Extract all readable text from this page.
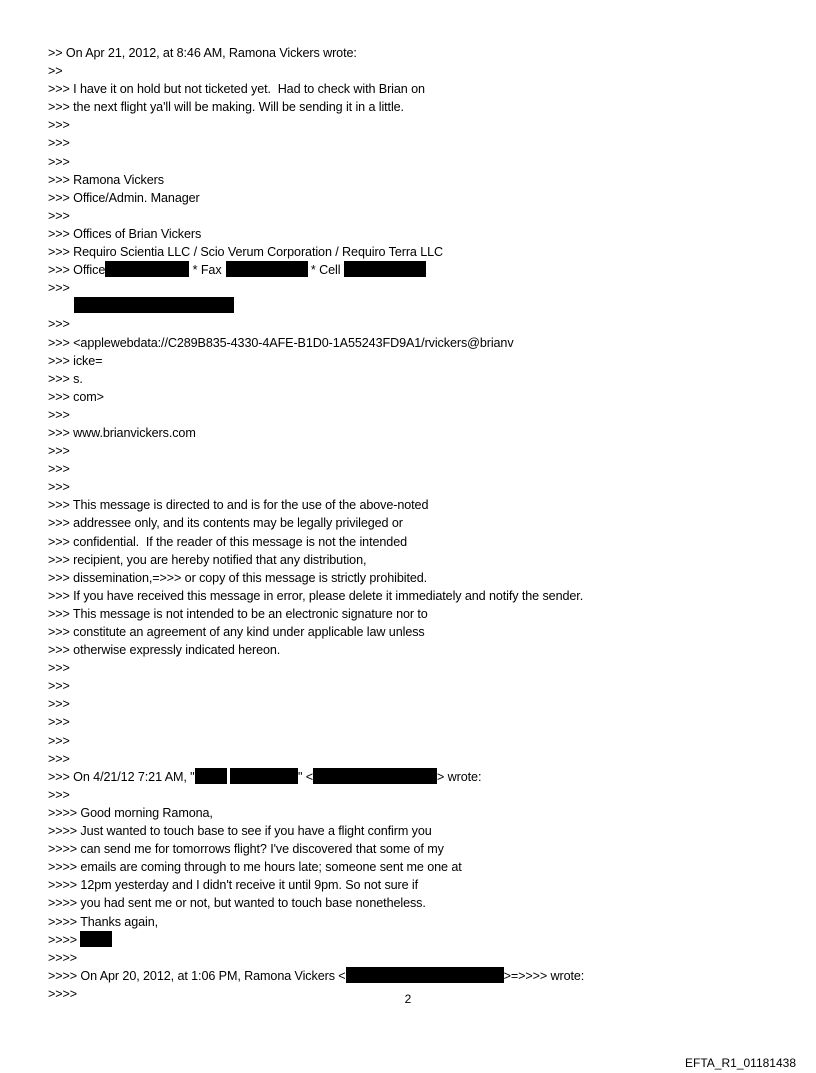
>> On Apr 21, 2012, at 8:46 AM, Ramona Vickers wrote:
>>
>>> I have it on hold but not ticketed yet.  Had to check with Brian on
>>> the next flight ya'll will be making. Will be sending it in a little.
>>>
>>>
>>>
>>> Ramona Vickers
>>> Office/Admin. Manager
>>>
>>> Offices of Brian Vickers
>>> Requiro Scientia LLC / Scio Verum Corporation / Requiro Terra LLC
>>> Office	* Fax	* Cell
>>>
>>>
>>> <applewebdata://C289B835-4330-4AFE-B1D0-1A55243FD9A1/rvickers@brianv
>>> icke=
>>> s.
>>> com>
>>>
>>> www.brianvickers.com
>>>
>>>
>>>
>>> This message is directed to and is for the use of the above-noted
>>> addressee only, and its contents may be legally privileged or
>>> confidential.  If the reader of this message is not the intended
>>> recipient, you are hereby notified that any distribution,
>>> dissemination,=>>> or copy of this message is strictly prohibited.
>>> If you have received this message in error, please delete it immediately and notify the sender.
>>> This message is not intended to be an electronic signature nor to
>>> constitute an agreement of any kind under applicable law unless
>>> otherwise expressly indicated hereon.
>>>
>>>
>>>
>>>
>>>
>>>
>>> On 4/21/12 7:21 AM, "	" <	> wrote:
>>>
>>>> Good morning Ramona,
>>>> Just wanted to touch base to see if you have a flight confirm you
>>>> can send me for tomorrows flight? I've discovered that some of my
>>>> emails are coming through to me hours late; someone sent me one at
>>>> 12pm yesterday and I didn't receive it until 9pm. So not sure if
>>>> you had sent me or not, but wanted to touch base nonetheless.
>>>> Thanks again,
>>>>
>>>>
>>>> On Apr 20, 2012, at 1:06 PM, Ramona Vickers <	>=>>>> wrote:
>>>>	2
EFTA_R1_01181438
